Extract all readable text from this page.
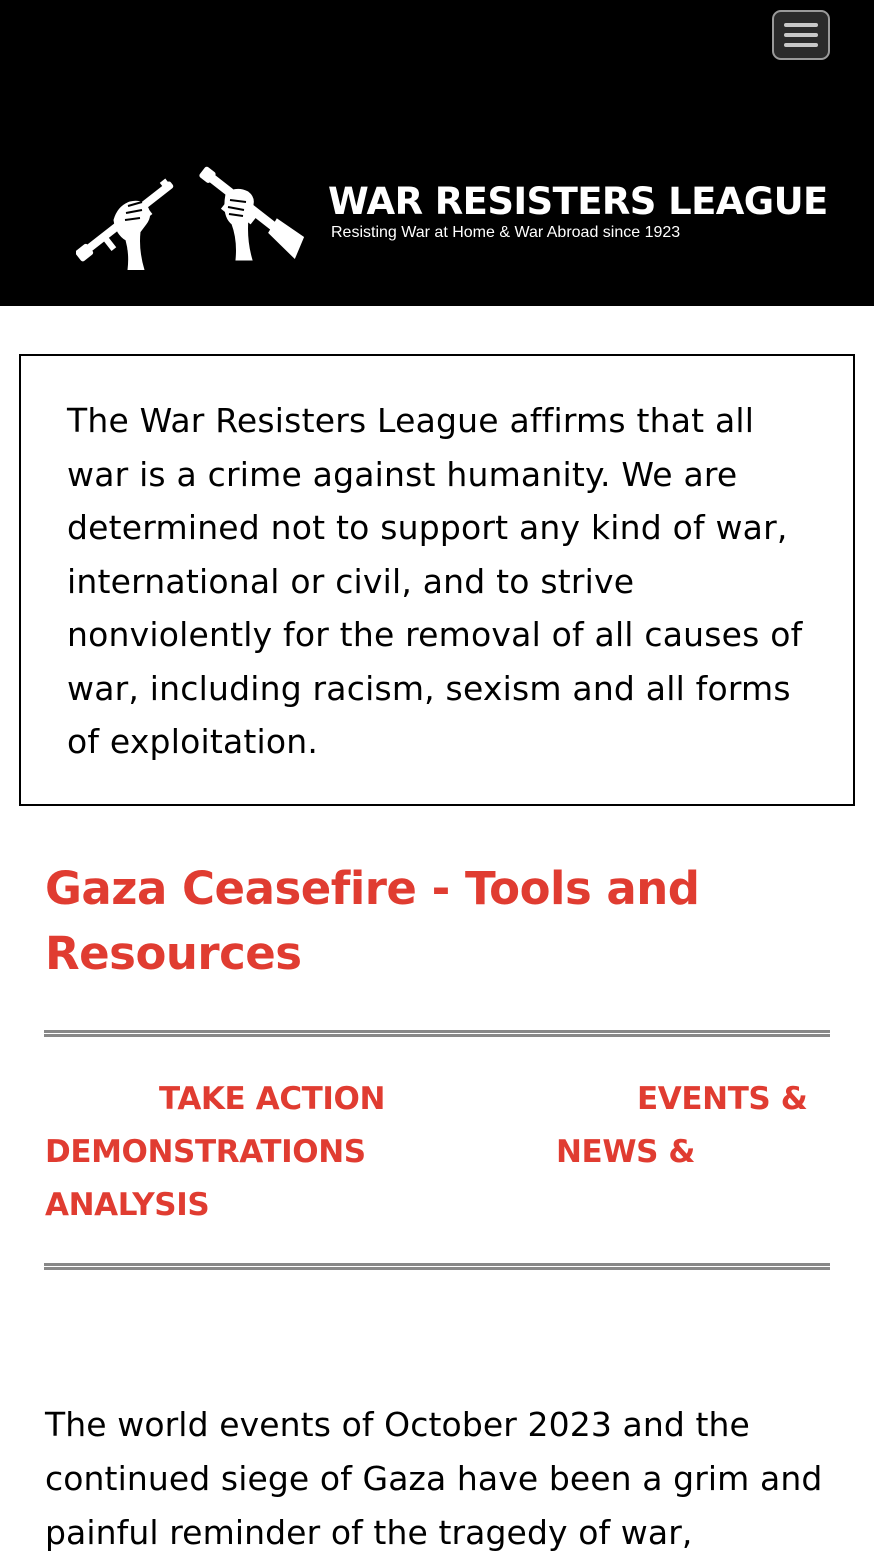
WAR RESISTERS LEAGUE
Resisting War at Home & War Abroad since 1923

The War Resisters League affirms that all war is a crime against humanity. We are determined not to support any kind of war, international or civil, and to strive nonviolently for the removal of all causes of war, including racism, sexism and all forms of exploitation.

Gaza Ceasefire - Tools and Resources
TAKE ACTION	EVENTS &
DEMONSTRATIONS	NEWS &
ANALYSIS

The world events of October 2023 and the continued siege of Gaza have been a grim and painful reminder of the tragedy of war,
